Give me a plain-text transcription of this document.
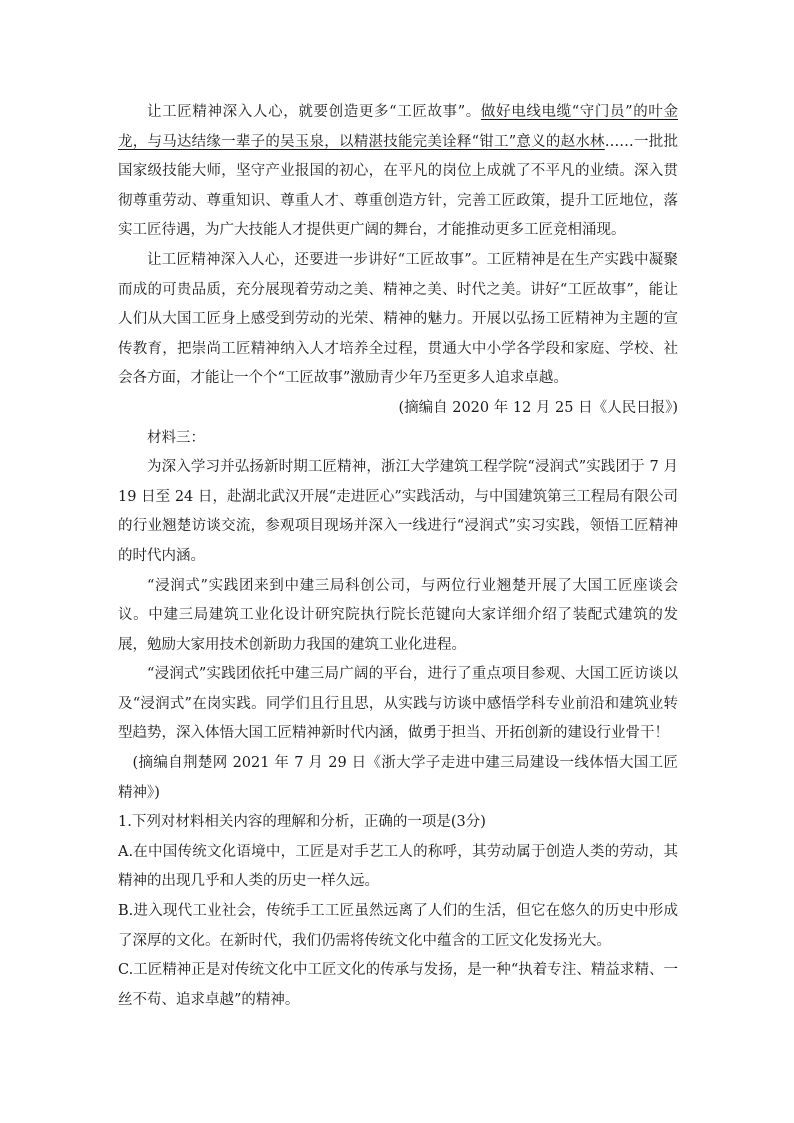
让工匠精神深入人心，就要创造更多“工匠故事”。做好电线电缆“守门员”的叶金龙，与马达结缘一辈子的吴玉泉，以精湛技能完美诠释“钳工”意义的赵水林……一批批国家级技能大师，坚守产业报国的初心，在平凡的岗位上成就了不平凡的业绩。深入贯彻尊重劳动、尊重知识、尊重人才、尊重创造方针，完善工匠政策，提升工匠地位，落实工匠待遇，为广大技能人才提供更广阔的舞台，才能推动更多工匠竞相涌现。

让工匠精神深入人心，还要进一步讲好“工匠故事”。工匠精神是在生产实践中凝聚而成的可贵品质，充分展现着劳动之美、精神之美、时代之美。讲好“工匠故事”，能让人们从大国工匠身上感受到劳动的光荣、精神的魅力。开展以弘扬工匠精神为主题的宣传教育，把崇尚工匠精神纳入人才培养全过程，贯通大中小学各学段和家庭、学校、社会各方面，才能让一个个“工匠故事”激励青少年乃至更多人追求卓越。

(摘编自 2020 年 12 月 25 日《人民日报》)

材料三：

为深入学习并弘扬新时期工匠精神，浙江大学建筑工程学院“浸润式”实践团于 7 月 19 日至 24 日，赴湖北武汉开展“走进匠心”实践活动，与中国建筑第三工程局有限公司的行业翘楚访谈交流，参观项目现场并深入一线进行“浸润式”实习实践，领悟工匠精神的时代内涵。

“浸润式”实践团来到中建三局科创公司，与两位行业翘楚开展了大国工匠座谈会议。中建三局建筑工业化设计研究院执行院长范键向大家详细介绍了装配式建筑的发展，勉励大家用技术创新助力我国的建筑工业化进程。

“浸润式”实践团依托中建三局广阔的平台，进行了重点项目参观、大国工匠访谈以及“浸润式”在岗实践。同学们且行且思，从实践与访谈中感悟学科专业前沿和建筑业转型趋势，深入体悟大国工匠精神新时代内涵，做勇于担当、开拓创新的建设行业骨干！

(摘编自荆楚网 2021 年 7 月 29 日《浙大学子走进中建三局建设一线体悟大国工匠精神》)

1.下列对材料相关内容的理解和分析，正确的一项是(3分)

A.在中国传统文化语境中，工匠是对手艺工人的称呼，其劳动属于创造人类的劳动，其精神的出现几乎和人类的历史一样久远。

B.进入现代工业社会，传统手工工匠虽然远离了人们的生活，但它在悠久的历史中形成了深厚的文化。在新时代，我们仍需将传统文化中蕴含的工匠文化发扬光大。

C.工匠精神正是对传统文化中工匠文化的传承与发扬，是一种“执着专注、精益求精、一丝不苟、追求卓越”的精神。
